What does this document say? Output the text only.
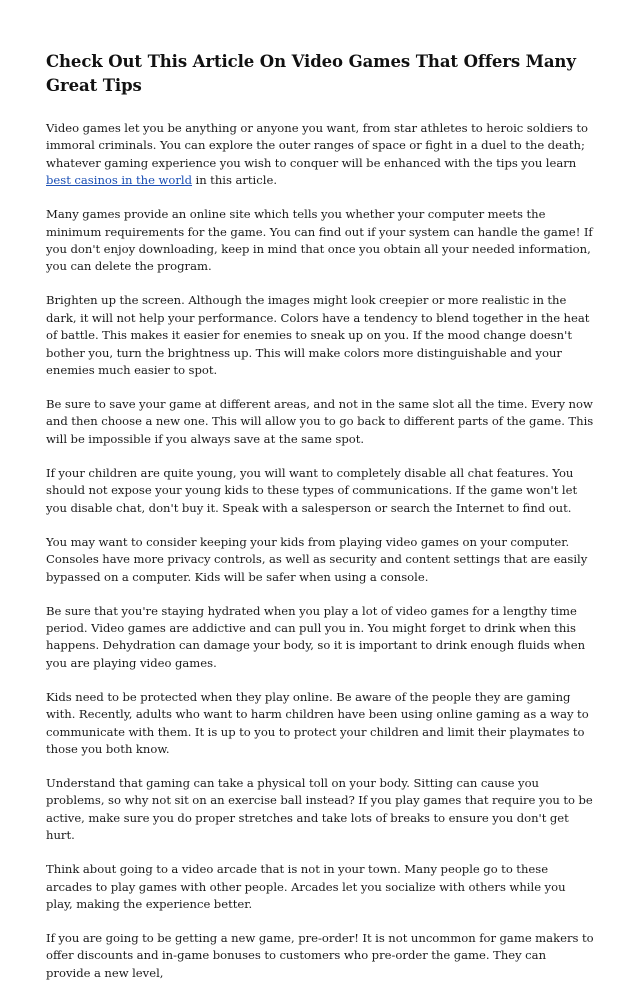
Check Out This Article On Video Games That Offers Many Great Tips

Video games let you be anything or anyone you want, from star athletes to heroic soldiers to immoral criminals. You can explore the outer ranges of space or fight in a duel to the death; whatever gaming experience you wish to conquer will be enhanced with the tips you learn best casinos in the world in this article.

Many games provide an online site which tells you whether your computer meets the minimum requirements for the game. You can find out if your system can handle the game! If you don't enjoy downloading, keep in mind that once you obtain all your needed information, you can delete the program.

Brighten up the screen. Although the images might look creepier or more realistic in the dark, it will not help your performance. Colors have a tendency to blend together in the heat of battle. This makes it easier for enemies to sneak up on you. If the mood change doesn't bother you, turn the brightness up. This will make colors more distinguishable and your enemies much easier to spot.

Be sure to save your game at different areas, and not in the same slot all the time. Every now and then choose a new one. This will allow you to go back to different parts of the game. This will be impossible if you always save at the same spot.

If your children are quite young, you will want to completely disable all chat features. You should not expose your young kids to these types of communications. If the game won't let you disable chat, don't buy it. Speak with a salesperson or search the Internet to find out.

You may want to consider keeping your kids from playing video games on your computer. Consoles have more privacy controls, as well as security and content settings that are easily bypassed on a computer. Kids will be safer when using a console.

Be sure that you're staying hydrated when you play a lot of video games for a lengthy time period. Video games are addictive and can pull you in. You might forget to drink when this happens. Dehydration can damage your body, so it is important to drink enough fluids when you are playing video games.

Kids need to be protected when they play online. Be aware of the people they are gaming with. Recently, adults who want to harm children have been using online gaming as a way to communicate with them. It is up to you to protect your children and limit their playmates to those you both know.

Understand that gaming can take a physical toll on your body. Sitting can cause you problems, so why not sit on an exercise ball instead? If you play games that require you to be active, make sure you do proper stretches and take lots of breaks to ensure you don't get hurt.

Think about going to a video arcade that is not in your town. Many people go to these arcades to play games with other people. Arcades let you socialize with others while you play, making the experience better.

If you are going to be getting a new game, pre-order! It is not uncommon for game makers to offer discounts and in-game bonuses to customers who pre-order the game. They can provide a new level,
